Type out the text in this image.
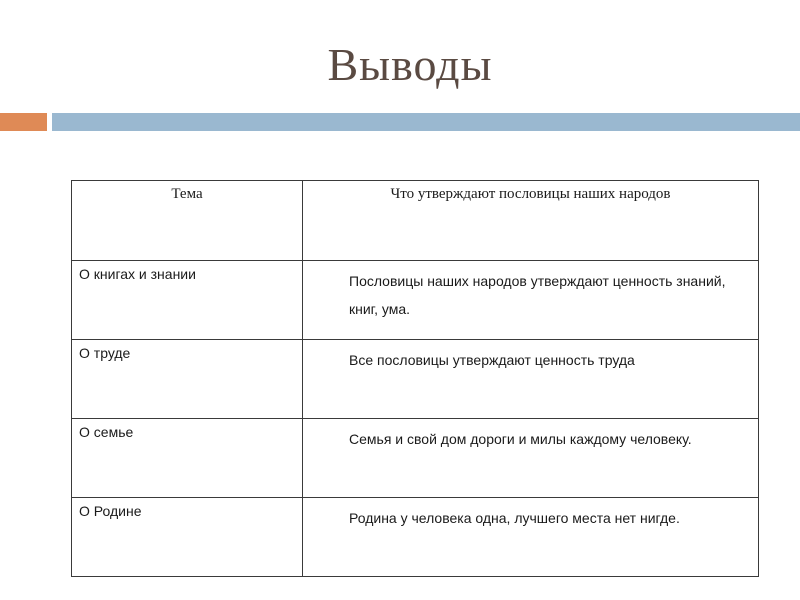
Выводы
Тема	Что утверждают пословицы наших народов
О книгах и знании	Пословицы наших народов утверждают ценность знаний, книг, ума.
О труде	Все пословицы утверждают ценность труда
О семье	Семья и свой дом дороги и милы каждому человеку.
О Родине	Родина у человека одна, лучшего места нет нигде.
